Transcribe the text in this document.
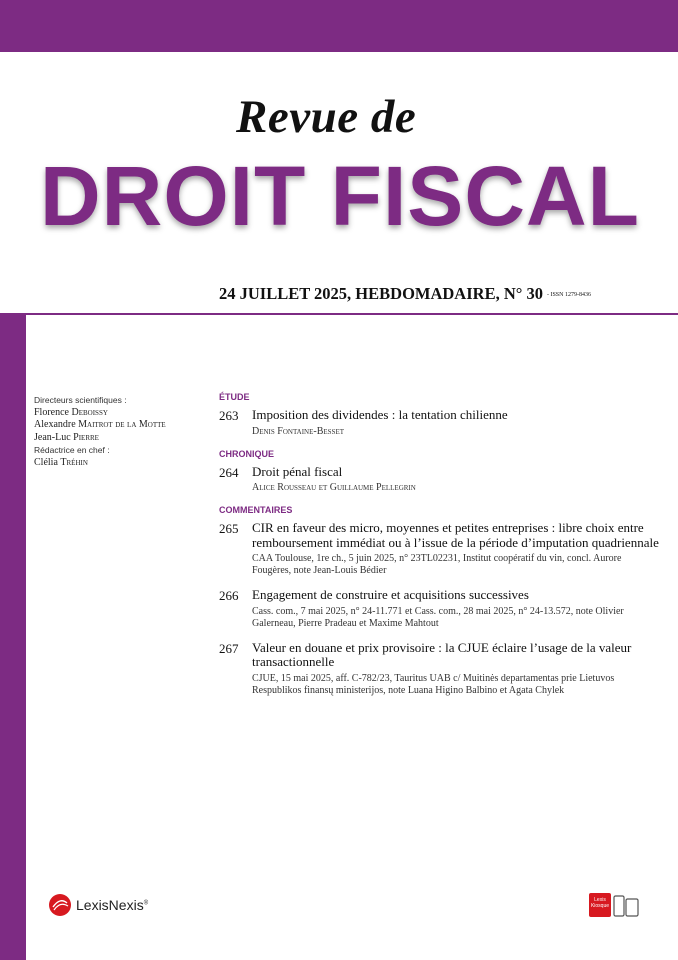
Revue de
DROIT FISCAL
24 JUILLET 2025, HEBDOMADAIRE, N° 30 - ISSN 1279-8436
Directeurs scientifiques :
Florence Deboissy
Alexandre Maitrot de la Motte
Jean-Luc Pierre
Rédactrice en chef :
Clélia Tréhin
ÉTUDE
263 Imposition des dividendes : la tentation chilienne
Denis Fontaine-Besset
CHRONIQUE
264 Droit pénal fiscal
Alice Rousseau et Guillaume Pellegrin
COMMENTAIRES
265 CIR en faveur des micro, moyennes et petites entreprises : libre choix entre remboursement immédiat ou à l’issue de la période d’imputation quadriennale
CAA Toulouse, 1re ch., 5 juin 2025, n° 23TL02231, Institut coopératif du vin, concl. Aurore Fougères, note Jean-Louis Bédier
266 Engagement de construire et acquisitions successives
Cass. com., 7 mai 2025, n° 24-11.771 et Cass. com., 28 mai 2025, n° 24-13.572, note Olivier Galerneau, Pierre Pradeau et Maxime Mahtout
267 Valeur en douane et prix provisoire : la CJUE éclaire l’usage de la valeur transactionnelle
CJUE, 15 mai 2025, aff. C-782/23, Tauritus UAB c/ Muitinės departamentas prie Lietuvos Respublikos finansų ministerijos, note Luana Higino Balbino et Agata Chylek
LexisNexis®
Lexis
Kiosque
